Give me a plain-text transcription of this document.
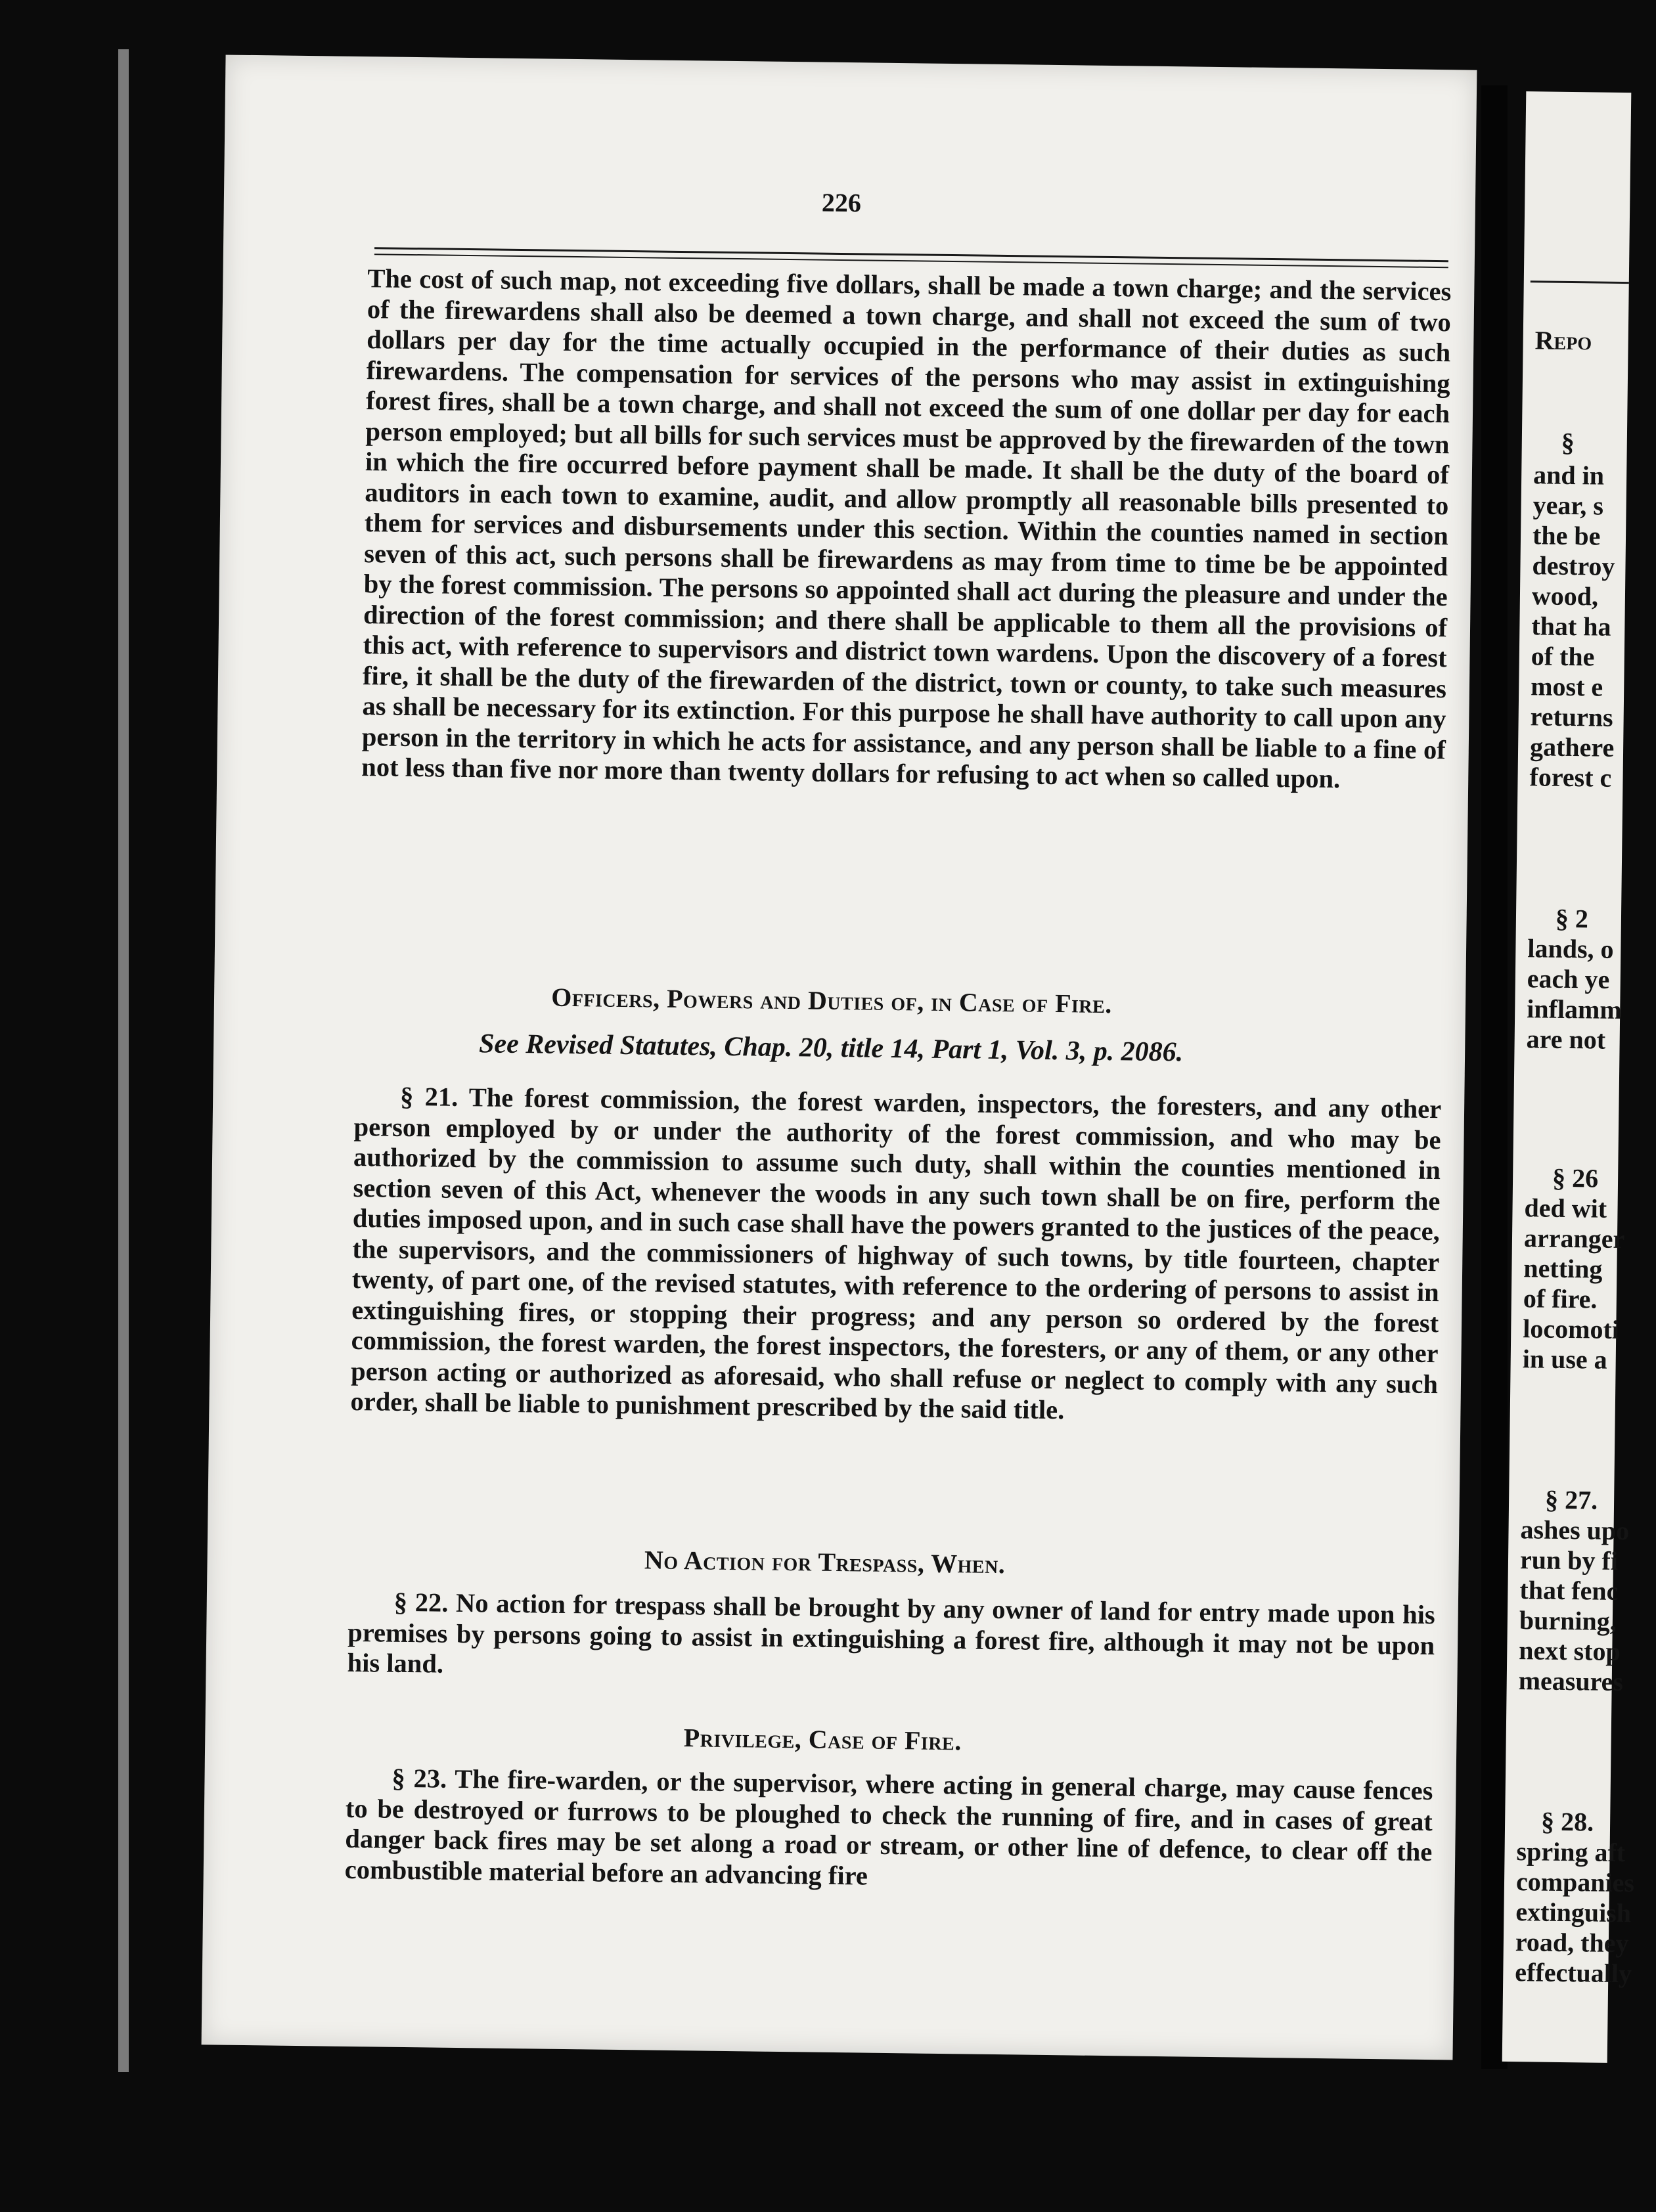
226

The cost of such map, not exceeding five dollars, shall be made a town charge; and the services of the firewardens shall also be deemed a town charge, and shall not exceed the sum of two dollars per day for the time actually occupied in the performance of their duties as such firewardens. The compensation for services of the persons who may assist in extinguishing forest fires, shall be a town charge, and shall not exceed the sum of one dollar per day for each person employed; but all bills for such services must be approved by the firewarden of the town in which the fire occurred before payment shall be made. It shall be the duty of the board of auditors in each town to examine, audit, and allow promptly all reasonable bills presented to them for services and disbursements under this section. Within the counties named in section seven of this act, such persons shall be firewardens as may from time to time be be appointed by the forest commission. The persons so appointed shall act during the pleasure and under the direction of the forest commission; and there shall be applicable to them all the provisions of this act, with reference to supervisors and district town wardens. Upon the discovery of a forest fire, it shall be the duty of the firewarden of the district, town or county, to take such measures as shall be necessary for its extinction. For this purpose he shall have authority to call upon any person in the territory in which he acts for assistance, and any person shall be liable to a fine of not less than five nor more than twenty dollars for refusing to act when so called upon.

Officers, Powers and Duties of, in Case of Fire.

See Revised Statutes, Chap. 20, title 14, Part 1, Vol. 3, p. 2086.

§ 21. The forest commission, the forest warden, inspectors, the foresters, and any other person employed by or under the authority of the forest commission, and who may be authorized by the commission to assume such duty, shall within the counties mentioned in section seven of this Act, whenever the woods in any such town shall be on fire, perform the duties imposed upon, and in such case shall have the powers granted to the justices of the peace, the supervisors, and the commissioners of highway of such towns, by title fourteen, chapter twenty, of part one, of the revised statutes, with reference to the ordering of persons to assist in extinguishing fires, or stopping their progress; and any person so ordered by the forest commission, the forest warden, the forest inspectors, the foresters, or any of them, or any other person acting or authorized as aforesaid, who shall refuse or neglect to comply with any such order, shall be liable to punishment prescribed by the said title.

No Action for Trespass, When.

§ 22. No action for trespass shall be brought by any owner of land for entry made upon his premises by persons going to assist in extinguishing a forest fire, although it may not be upon his land.

Privilege, Case of Fire.

§ 23. The fire-warden, or the supervisor, where acting in general charge, may cause fences to be destroyed or furrows to be ploughed to check the running of fire, and in cases of great danger back fires may be set along a road or stream, or other line of defence, to clear off the combustible material before an advancing fire

Repo
§
and in
year, s
the be
destroy
wood,
that ha
of the
most e
returns
gathere
forest c
§ 2
lands, o
each ye
inflamm
are not
§ 26
ded wit
arranger
netting
of fire.
locomoti
in use a
§ 27.
ashes upo
run by fi
that fenc
burning,
next stop
measures
§ 28.
spring aft
companies
extinguish
road, they
effectually
